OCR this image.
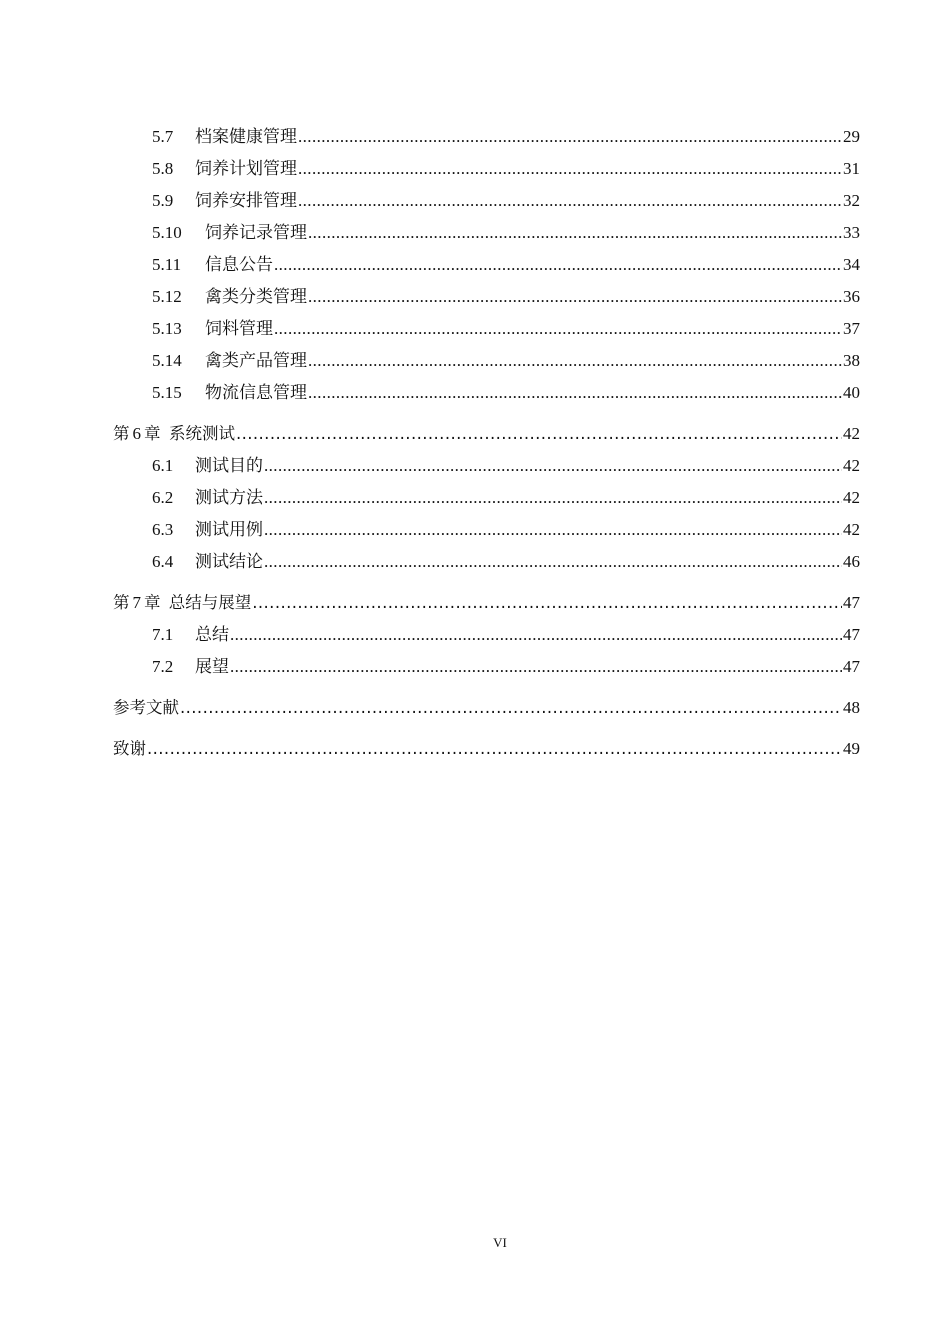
5.7	档案健康管理 .....	29
5.8	饲养计划管理 .....	31
5.9	饲养安排管理 .....	32
5.10	饲养记录管理 .....	33
5.11	信息公告 .....	34
5.12	禽类分类管理 .....	36
5.13	饲料管理 .....	37
5.14	禽类产品管理 .....	38
5.15	物流信息管理 .....	40
第 6 章 系统测试 .....	42
6.1	测试目的 .....	42
6.2	测试方法 .....	42
6.3	测试用例 .....	42
6.4	测试结论 .....	46
第 7 章 总结与展望 .....	47
7.1	总结 .....	47
7.2	展望 .....	47
参考文献 .....	48
致谢 .....	49
VI
